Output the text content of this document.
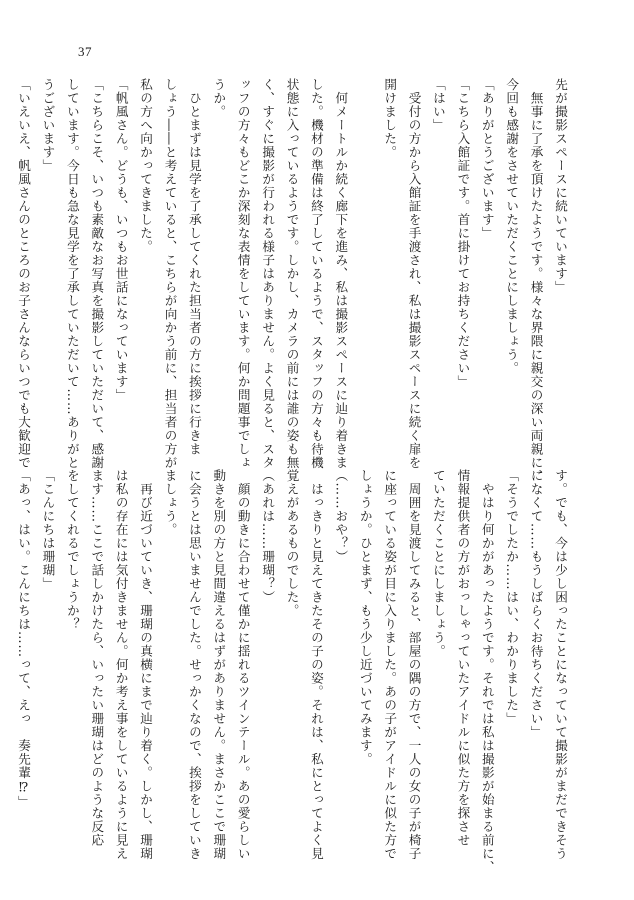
37
先が撮影スペースに続いています」
　無事に了承を頂けたようです。様々な界隈に親交の深い両親に、
今回も感謝をさせていただくことにしましょう。
「ありがとうございます」
「こちら入館証です。首に掛けてお持ちください」
「はい」
　受付の方から入館証を手渡され、私は撮影スペースに続く扉を
開けました。

　何メートルか続く廊下を進み、私は撮影スペースに辿り着きま
した。機材の準備は終了しているようで、スタッフの方々も待機
状態に入っているようです。しかし、カメラの前には誰の姿も無
く、すぐに撮影が行われる様子はありません。よく見ると、スタ
ッフの方々もどこか深刻な表情をしています。何か問題事でしょ
うか。
　ひとまずは見学を了承してくれた担当者の方に挨拶に行きま
しょう――と考えていると、こちらが向かう前に、担当者の方が
私の方へ向かってきました。
「帆風さん。どうも、いつもお世話になっています」
「こちらこそ、いつも素敵なお写真を撮影していただいて、感謝
しています。今日も急な見学を了承していただいて……ありがと
うございます」
「いえいえ、帆風さんのところのお子さんならいつでも大歓迎で
す。でも、今は少し困ったことになっていて撮影がまだできそう
になくて……もうしばらくお待ちください」
「そうでしたか……はい、わかりました」
　やはり何かがあったようです。それでは私は撮影が始まる前に、
情報提供者の方がおっしゃっていたアイドルに似た方を探させ
ていただくことにしましょう。
　周囲を見渡してみると、部屋の隅の方で、一人の女の子が椅子
に座っている姿が目に入りました。あの子がアイドルに似た方で
しょうか。ひとまず、もう少し近づいてみます。
（……おや？）
　はっきりと見えてきたその子の姿。それは、私にとってよく見
覚えがあるものでした。
（あれは……珊瑚？）
　顔の動きに合わせて僅かに揺れるツインテール。あの愛らしい
動きを別の方と見間違えるはずがありません。まさかここで珊瑚
に会うとは思いませんでした。せっかくなので、挨拶をしていき
ましょう。
　再び近づいていき、珊瑚の真横にまで辿り着く。しかし、珊瑚
は私の存在には気付きません。何か考え事をしているように見え
ます……ここで話しかけたら、いったい珊瑚はどのような反応
をしてくれるでしょうか？
「こんにちは珊瑚」
「あっ、はい。こんにちは……って、えっ　奏先輩⁉」
